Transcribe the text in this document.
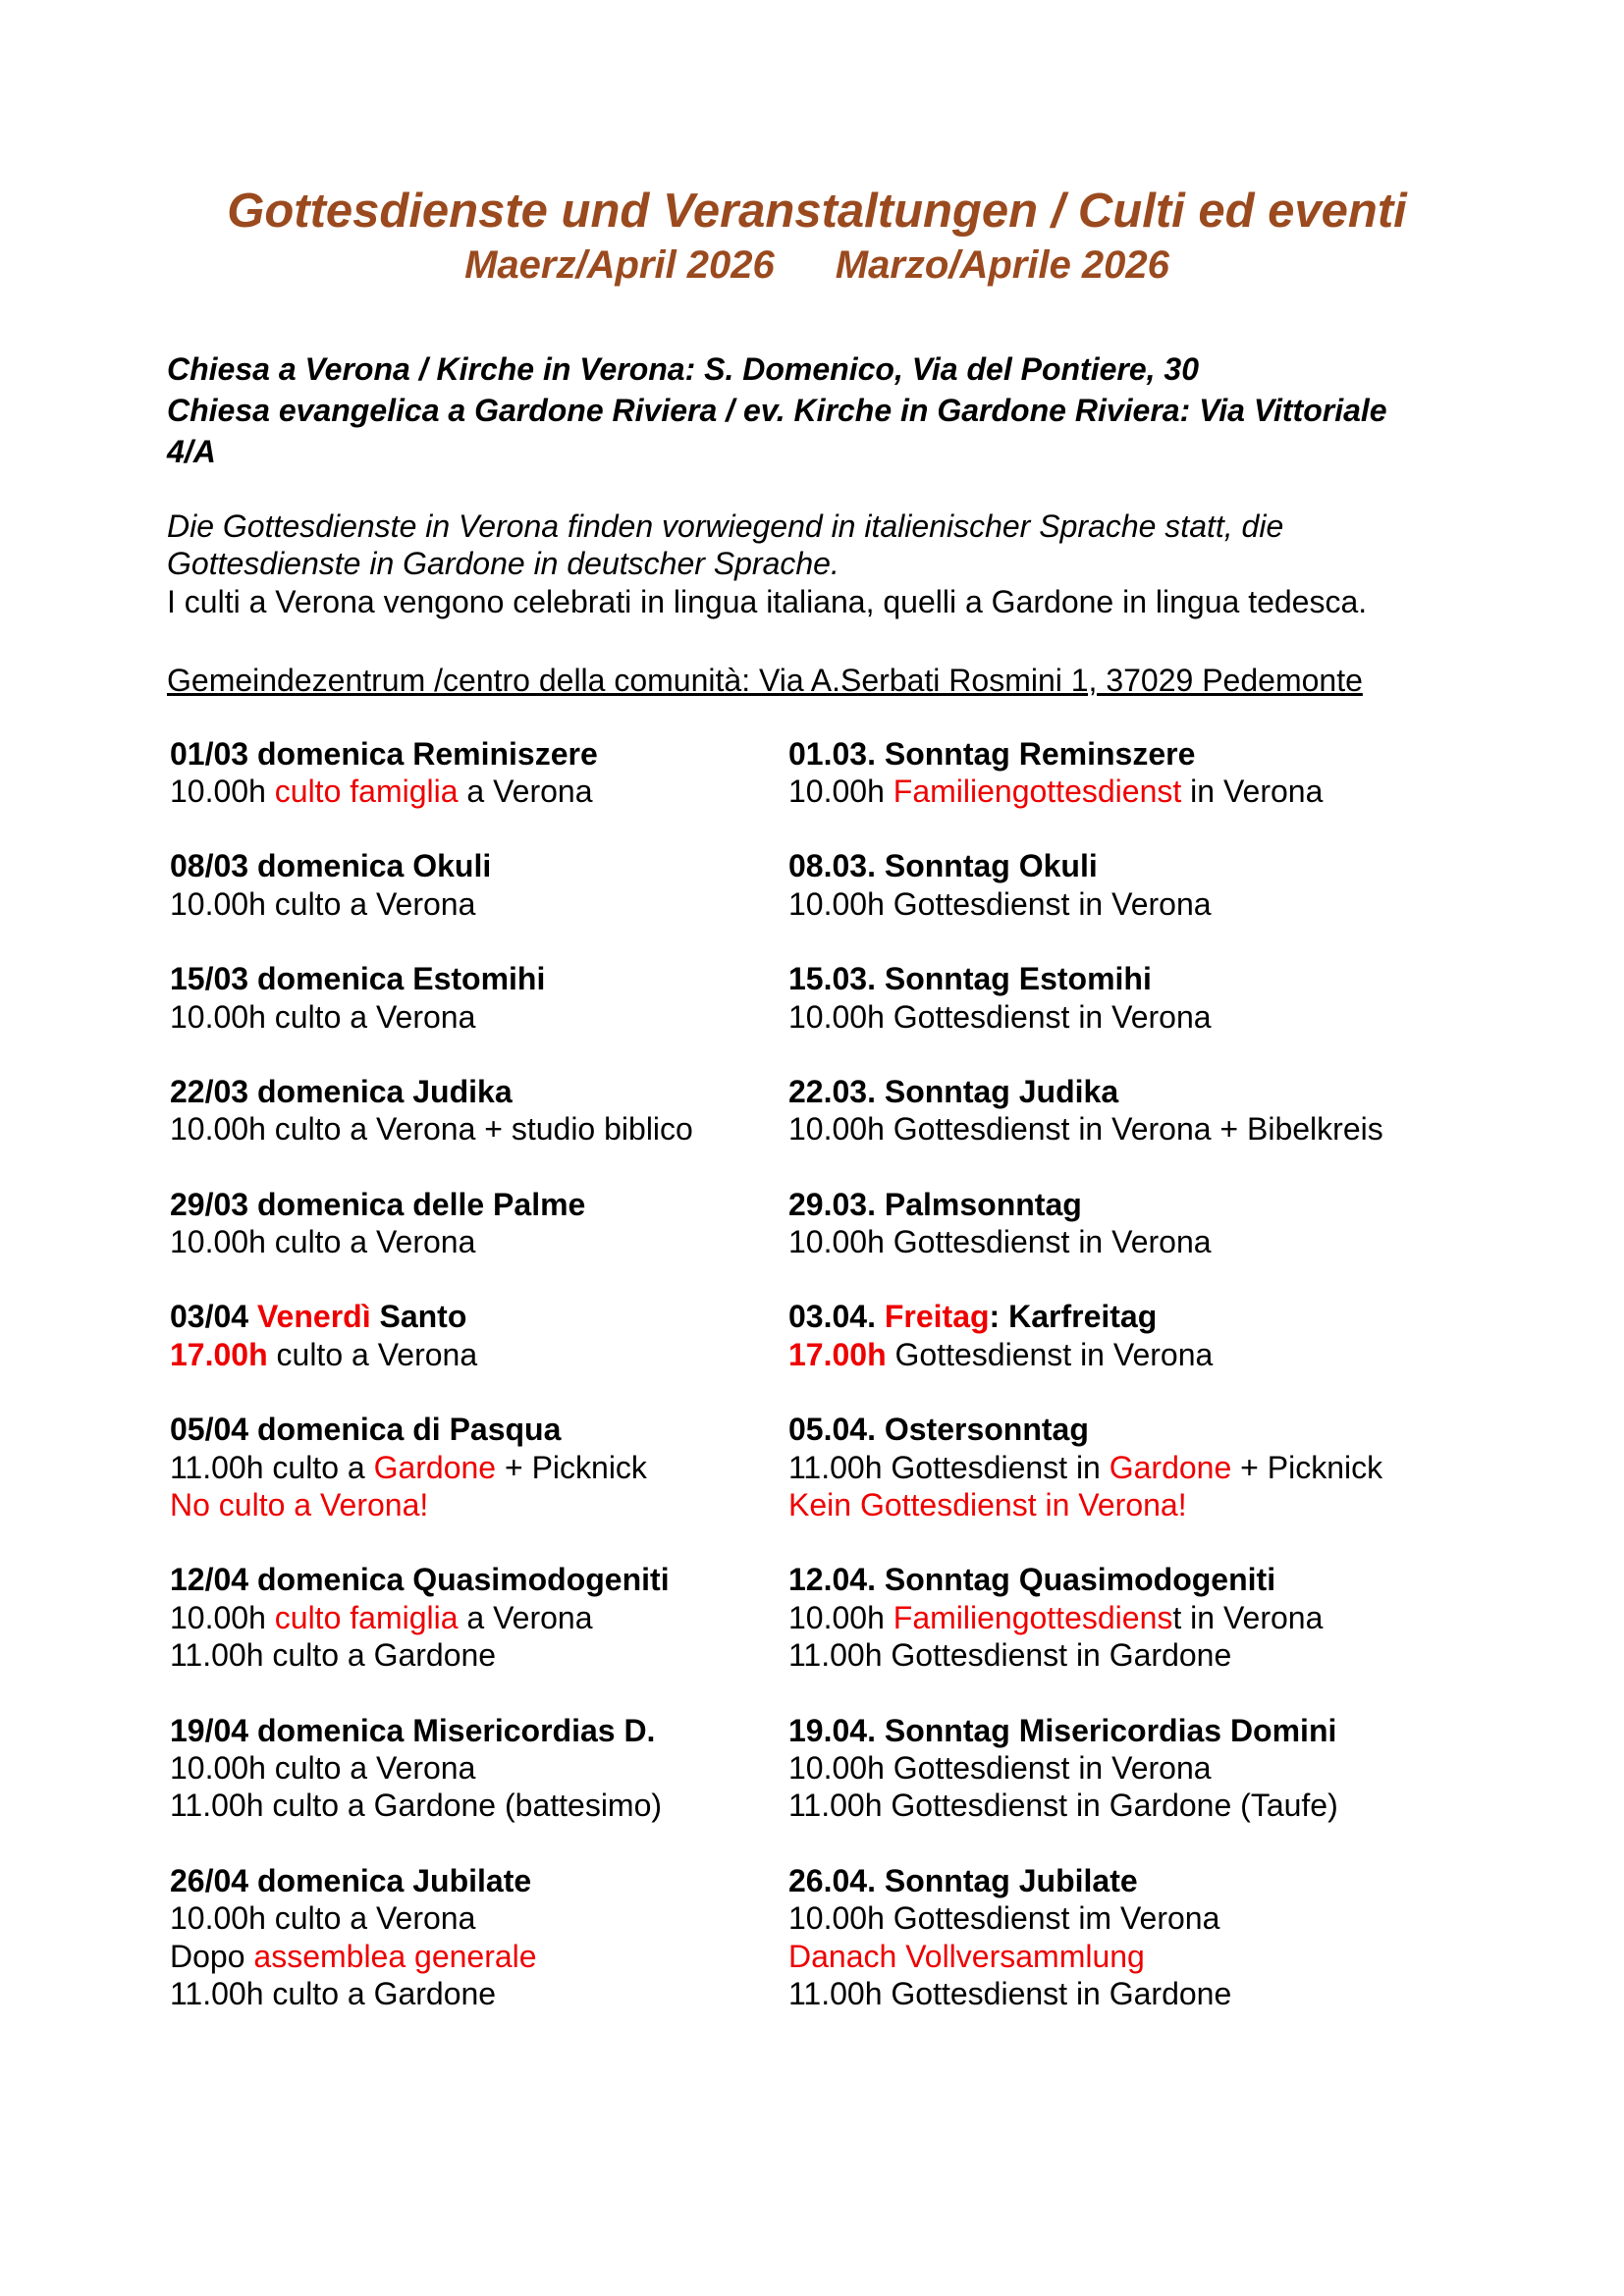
Gottesdienste und Veranstaltungen / Culti ed eventi
Maerz/April 2026 Marzo/Aprile 2026
Chiesa a Verona / Kirche in Verona: S. Domenico, Via del Pontiere, 30
Chiesa evangelica a Gardone Riviera / ev. Kirche in Gardone Riviera: Via Vittoriale
4/A
Die Gottesdienste in Verona finden vorwiegend in italienischer Sprache statt, die
Gottesdienste in Gardone in deutscher Sprache.
I culti a Verona vengono celebrati in lingua italiana, quelli a Gardone in lingua tedesca.
Gemeindezentrum /centro della comunità: Via A.Serbati Rosmini 1, 37029 Pedemonte
01/03 domenica Reminiszere
10.00h culto famiglia a Verona
01.03. Sonntag Reminszere
10.00h Familiengottesdienst in Verona
08/03 domenica Okuli
10.00h culto a Verona
08.03. Sonntag Okuli
10.00h Gottesdienst in Verona
15/03 domenica Estomihi
10.00h culto a Verona
15.03. Sonntag Estomihi
10.00h Gottesdienst in Verona
22/03 domenica Judika
10.00h culto a Verona + studio biblico
22.03. Sonntag Judika
10.00h Gottesdienst in Verona + Bibelkreis
29/03 domenica delle Palme
10.00h culto a Verona
29.03. Palmsonntag
10.00h Gottesdienst in Verona
03/04 Venerdì Santo
17.00h culto a Verona
03.04. Freitag: Karfreitag
17.00h Gottesdienst in Verona
05/04 domenica di Pasqua
11.00h culto a Gardone + Picknick
No culto a Verona!
05.04. Ostersonntag
11.00h Gottesdienst in Gardone + Picknick
Kein Gottesdienst in Verona!
12/04 domenica Quasimodogeniti
10.00h culto famiglia a Verona
11.00h culto a Gardone
12.04. Sonntag Quasimodogeniti
10.00h Familiengottesdienst in Verona
11.00h Gottesdienst in Gardone
19/04 domenica Misericordias D.
10.00h culto a Verona
11.00h culto a Gardone (battesimo)
19.04. Sonntag Misericordias Domini
10.00h Gottesdienst in Verona
11.00h Gottesdienst in Gardone (Taufe)
26/04 domenica Jubilate
10.00h culto a Verona
Dopo assemblea generale
11.00h culto a Gardone
26.04. Sonntag Jubilate
10.00h Gottesdienst im Verona
Danach Vollversammlung
11.00h Gottesdienst in Gardone
